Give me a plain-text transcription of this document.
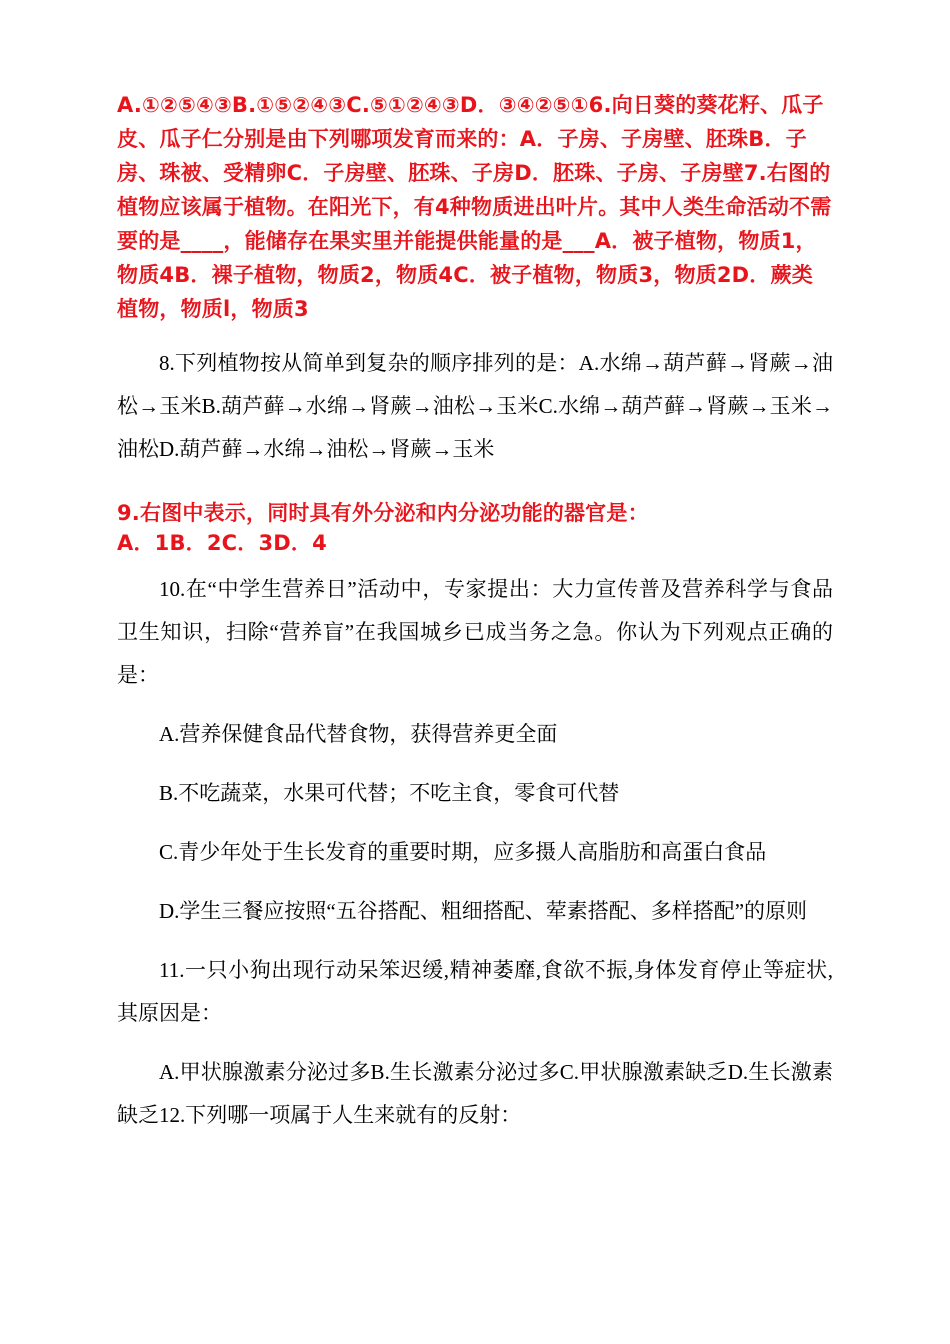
A.①②⑤④③B.①⑤②④③C.⑤①②④③D．③④②⑤①6.向日葵的葵花籽、瓜子皮、瓜子仁分别是由下列哪项发育而来的：A．子房、子房壁、胚珠B．子房、珠被、受精卵C．子房壁、胚珠、子房D．胚珠、子房、子房壁7.右图的植物应该属于植物。在阳光下，有4种物质进出叶片。其中人类生命活动不需要的是____，能储存在果实里并能提供能量的是___A．被子植物，物质1，物质4B．裸子植物，物质2，物质4C．被子植物，物质3，物质2D．蕨类植物，物质l，物质3

8.下列植物按从简单到复杂的顺序排列的是：A.水绵→葫芦藓→肾蕨→油松→玉米B.葫芦藓→水绵→肾蕨→油松→玉米C.水绵→葫芦藓→肾蕨→玉米→油松D.葫芦藓→水绵→油松→肾蕨→玉米

9.右图中表示，同时具有外分泌和内分泌功能的器官是：

A．1B．2C．3D．4

10.在“中学生营养日”活动中，专家提出：大力宣传普及营养科学与食品卫生知识，扫除“营养盲”在我国城乡已成当务之急。你认为下列观点正确的是：

A.营养保健食品代替食物，获得营养更全面

B.不吃蔬菜，水果可代替；不吃主食，零食可代替

C.青少年处于生长发育的重要时期，应多摄人高脂肪和高蛋白食品

D.学生三餐应按照“五谷搭配、粗细搭配、荤素搭配、多样搭配”的原则

11.一只小狗出现行动呆笨迟缓,精神萎靡,食欲不振,身体发育停止等症状,其原因是：

A.甲状腺激素分泌过多B.生长激素分泌过多C.甲状腺激素缺乏D.生长激素缺乏12.下列哪一项属于人生来就有的反射：
